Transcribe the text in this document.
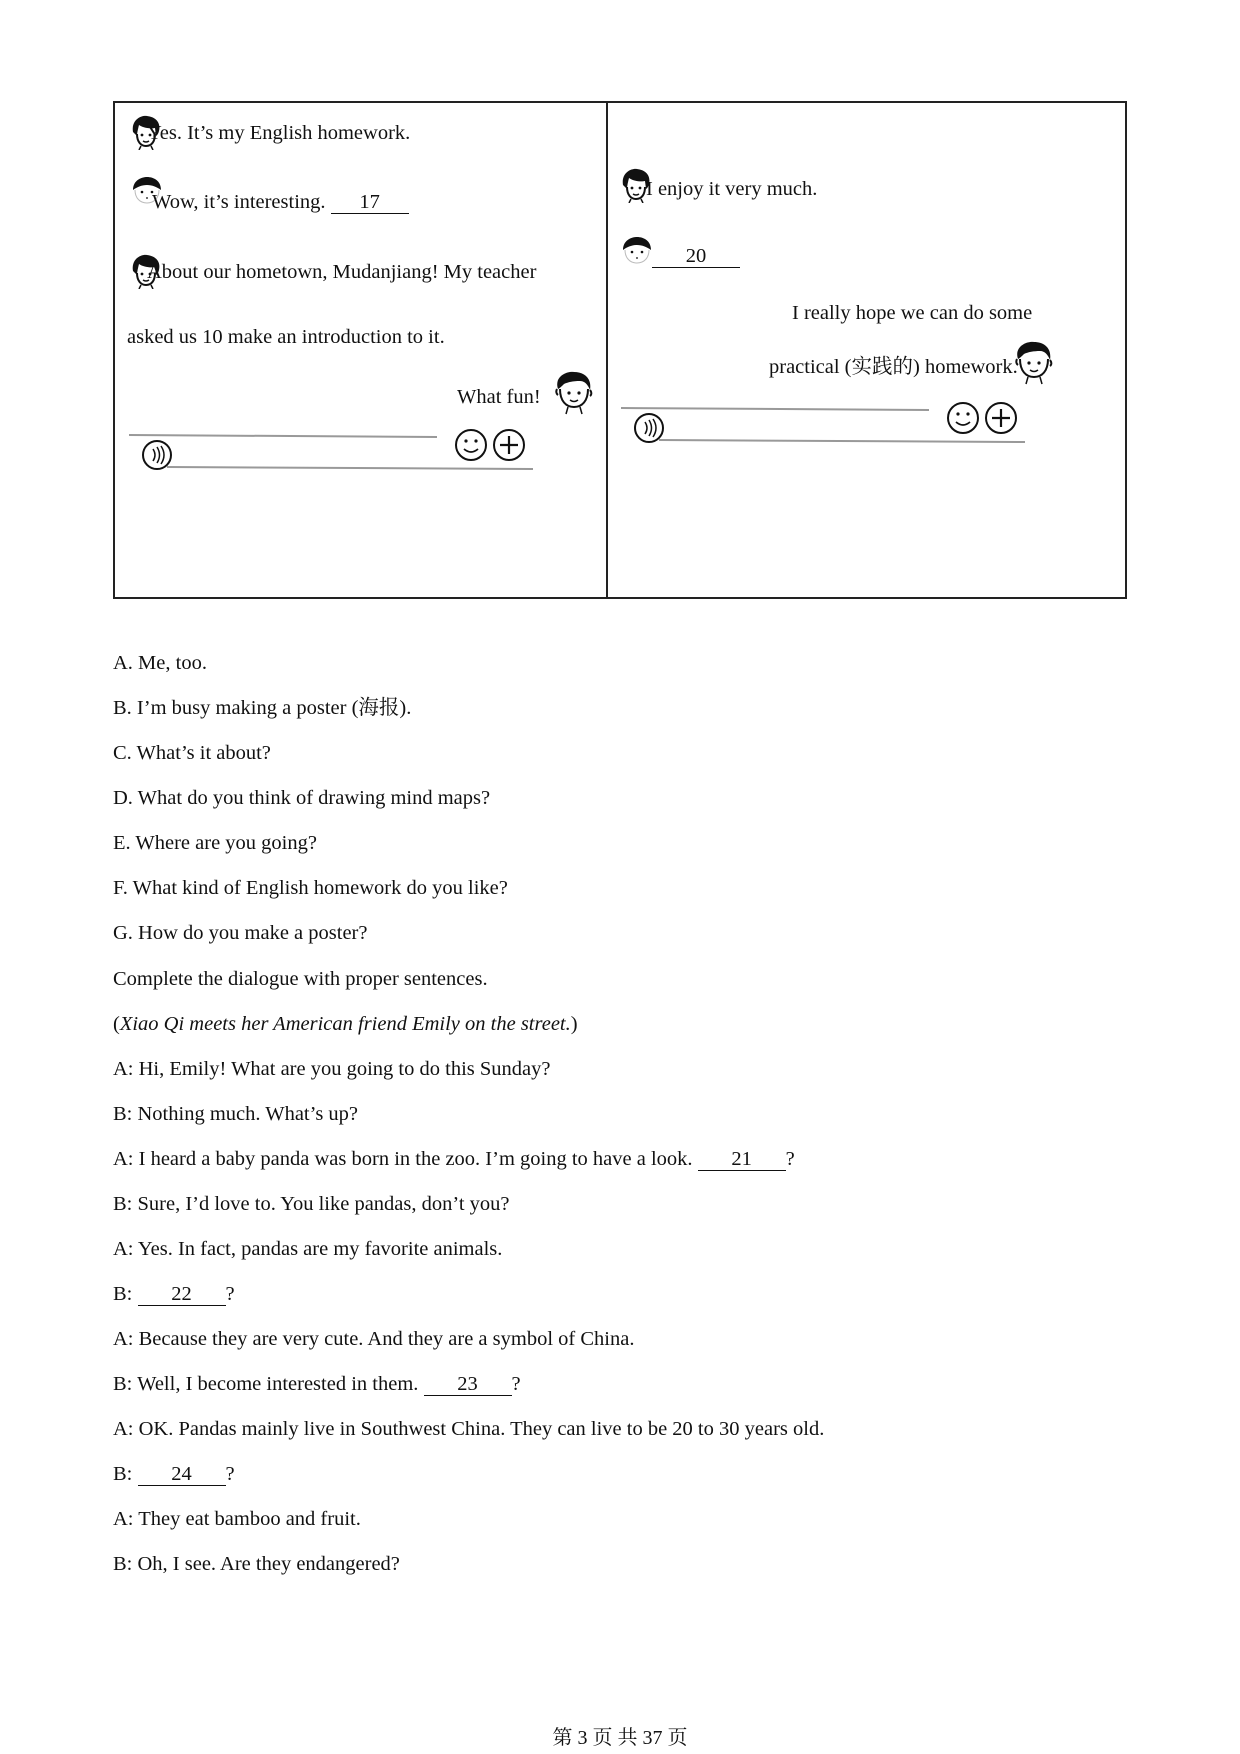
Yes. It’s my English homework.
Wow, it’s interesting. 17
About our hometown, Mudanjiang! My teacher
asked us 10 make an introduction to it.
What fun!
I enjoy it very much.
20
I really hope we can do some
practical (实践的) homework.
A. Me, too.
B. I’m busy making a poster (海报).
C. What’s it about?
D. What do you think of drawing mind maps?
E. Where are you going?
F. What kind of English homework do you like?
G. How do you make a poster?
Complete the dialogue with proper sentences.
(Xiao Qi meets her American friend Emily on the street.)
A: Hi, Emily! What are you going to do this Sunday?
B: Nothing much. What’s up?
A: I heard a baby panda was born in the zoo. I’m going to have a look. 21 ?
B: Sure, I’d love to. You like pandas, don’t you?
A: Yes. In fact, pandas are my favorite animals.
B: 22 ?
A: Because they are very cute. And they are a symbol of China.
B: Well, I become interested in them. 23 ?
A: OK. Pandas mainly live in Southwest China. They can live to be 20 to 30 years old.
B: 24 ?
A: They eat bamboo and fruit.
B: Oh, I see. Are they endangered?
第 3 页 共 37 页
